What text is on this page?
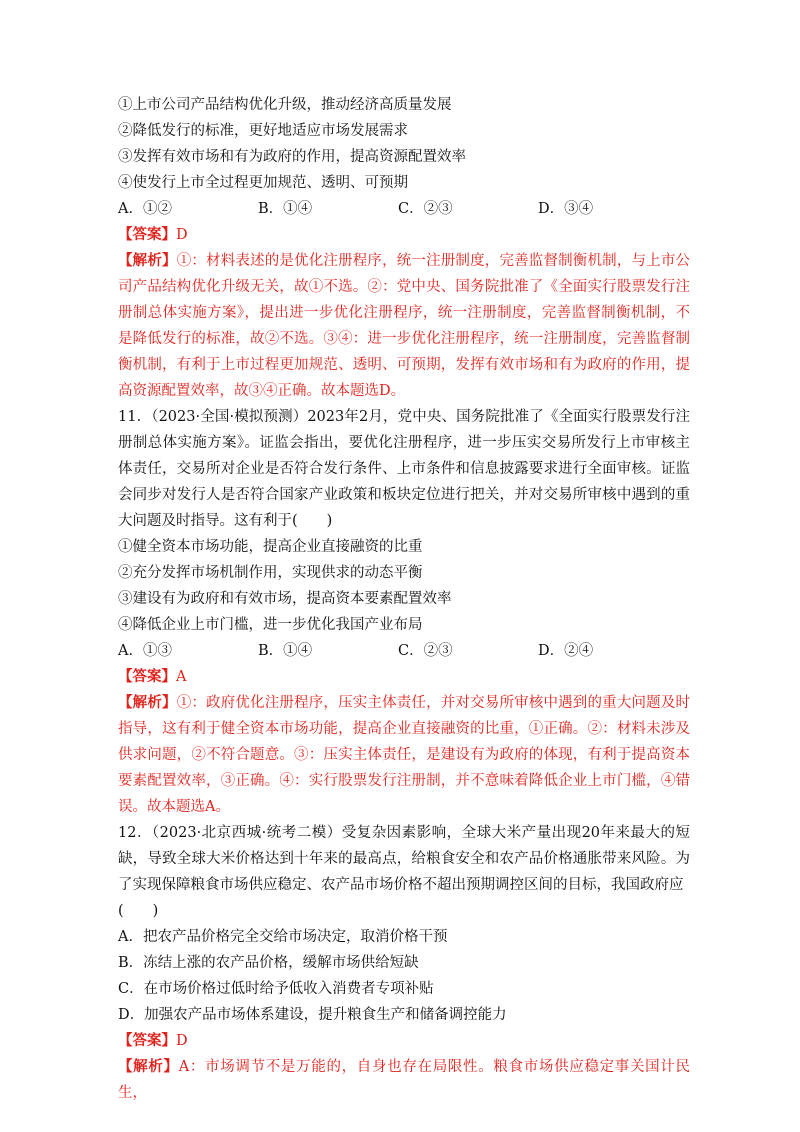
①上市公司产品结构优化升级，推动经济高质量发展
②降低发行的标准，更好地适应市场发展需求
③发挥有效市场和有为政府的作用，提高资源配置效率
④使发行上市全过程更加规范、透明、可预期
A．①②	B．①④	C．②③	D．③④
【答案】D
【解析】①：材料表述的是优化注册程序，统一注册制度，完善监督制衡机制，与上市公司产品结构优化升级无关，故①不选。②：党中央、国务院批准了《全面实行股票发行注册制总体实施方案》，提出进一步优化注册程序，统一注册制度，完善监督制衡机制，不是降低发行的标准，故②不选。③④：进一步优化注册程序，统一注册制度，完善监督制衡机制，有利于上市过程更加规范、透明、可预期，发挥有效市场和有为政府的作用，提高资源配置效率，故③④正确。故本题选D。
11．（2023·全国·模拟预测）2023年2月，党中央、国务院批准了《全面实行股票发行注册制总体实施方案》。证监会指出，要优化注册程序，进一步压实交易所发行上市审核主体责任，交易所对企业是否符合发行条件、上市条件和信息披露要求进行全面审核。证监会同步对发行人是否符合国家产业政策和板块定位进行把关，并对交易所审核中遇到的重大问题及时指导。这有利于(　　)
①健全资本市场功能，提高企业直接融资的比重
②充分发挥市场机制作用，实现供求的动态平衡
③建设有为政府和有效市场，提高资本要素配置效率
④降低企业上市门槛，进一步优化我国产业布局
A．①③	B．①④	C．②③	D．②④
【答案】A
【解析】①：政府优化注册程序，压实主体责任，并对交易所审核中遇到的重大问题及时指导，这有利于健全资本市场功能，提高企业直接融资的比重，①正确。②：材料未涉及供求问题，②不符合题意。③：压实主体责任，是建设有为政府的体现，有利于提高资本要素配置效率，③正确。④：实行股票发行注册制，并不意味着降低企业上市门槛，④错误。故本题选A。
12．（2023·北京西城·统考二模）受复杂因素影响，全球大米产量出现20年来最大的短缺，导致全球大米价格达到十年来的最高点，给粮食安全和农产品价格通胀带来风险。为了实现保障粮食市场供应稳定、农产品市场价格不超出预期调控区间的目标，我国政府应
(　　)
A．把农产品价格完全交给市场决定，取消价格干预
B．冻结上涨的农产品价格，缓解市场供给短缺
C．在市场价格过低时给予低收入消费者专项补贴
D．加强农产品市场体系建设，提升粮食生产和储备调控能力
【答案】D
【解析】A：市场调节不是万能的，自身也存在局限性。粮食市场供应稳定事关国计民生，
